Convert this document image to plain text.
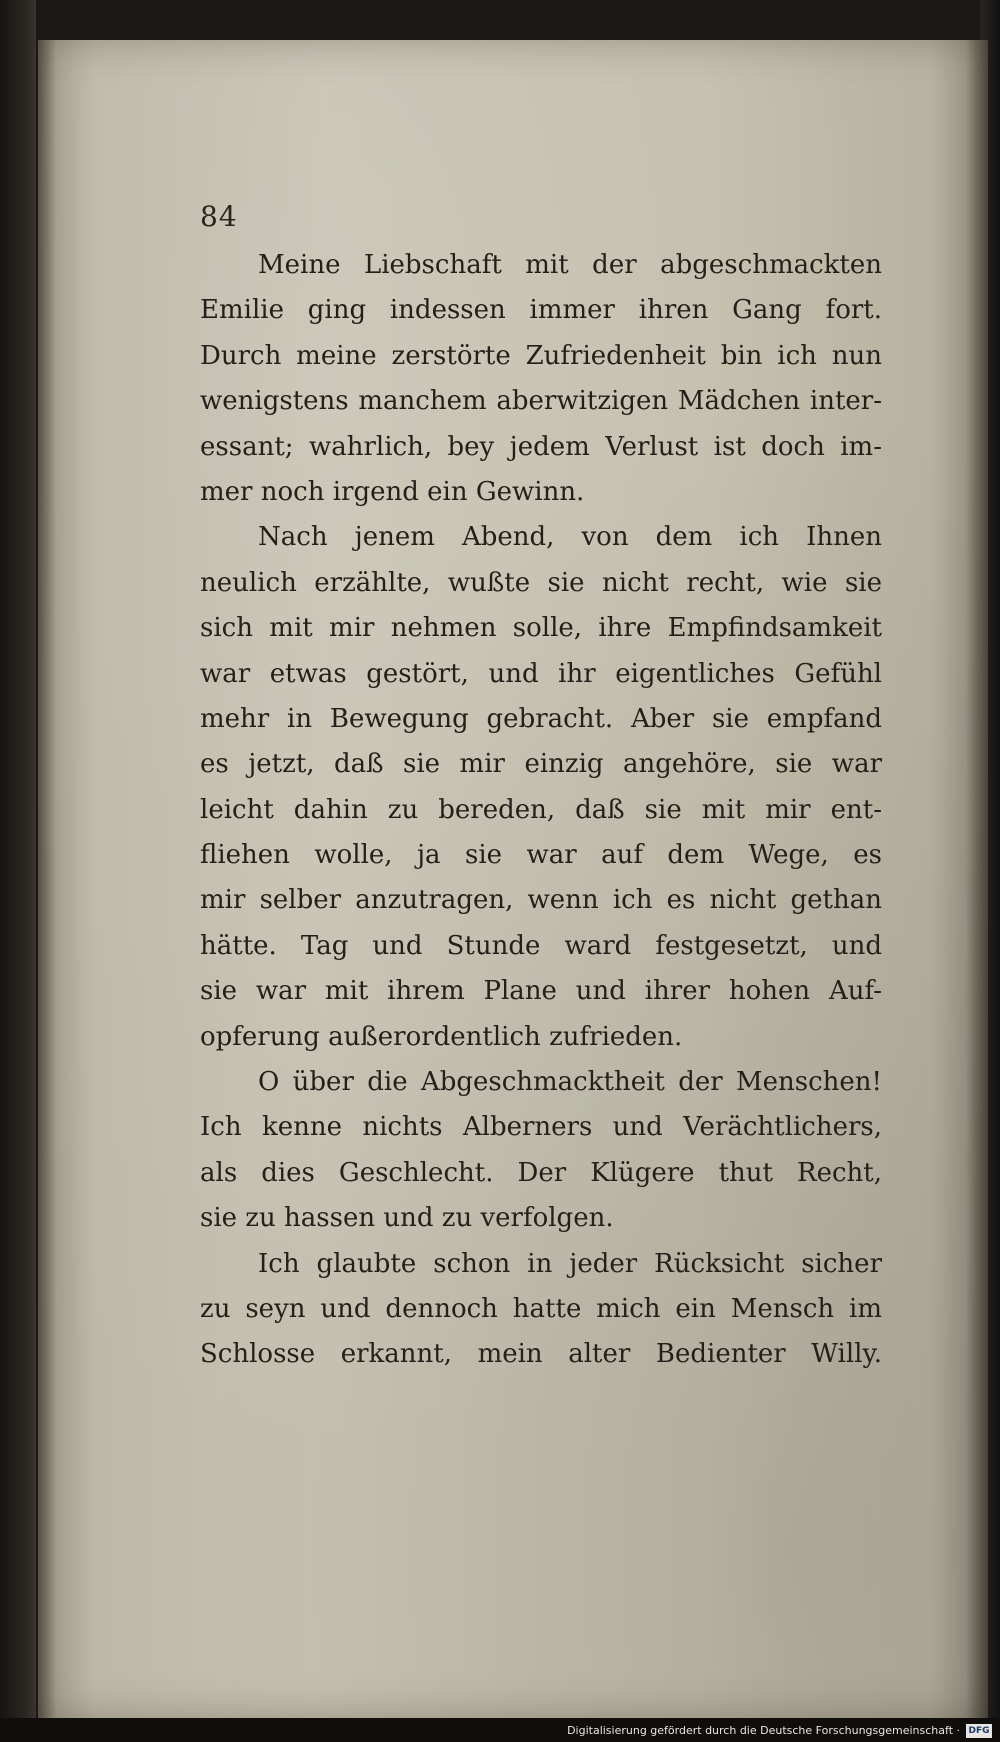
84
Meine Liebschaft mit der abgeschmackten
Emilie ging indessen immer ihren Gang fort.
Durch meine zerstörte Zufriedenheit bin ich nun
wenigstens manchem aberwitzigen Mädchen inter-
essant; wahrlich, bey jedem Verlust ist doch im-
mer noch irgend ein Gewinn.
Nach jenem Abend, von dem ich Ihnen
neulich erzählte, wußte sie nicht recht, wie sie
sich mit mir nehmen solle, ihre Empfindsamkeit
war etwas gestört, und ihr eigentliches Gefühl
mehr in Bewegung gebracht. Aber sie empfand
es jetzt, daß sie mir einzig angehöre, sie war
leicht dahin zu bereden, daß sie mit mir ent-
fliehen wolle, ja sie war auf dem Wege, es
mir selber anzutragen, wenn ich es nicht gethan
hätte. Tag und Stunde ward festgesetzt, und
sie war mit ihrem Plane und ihrer hohen Auf-
opferung außerordentlich zufrieden.
O über die Abgeschmacktheit der Menschen!
Ich kenne nichts Alberners und Verächtlichers,
als dies Geschlecht. Der Klügere thut Recht,
sie zu hassen und zu verfolgen.
Ich glaubte schon in jeder Rücksicht sicher
zu seyn und dennoch hatte mich ein Mensch im
Schlosse erkannt, mein alter Bedienter Willy.
Digitalisierung gefördert durch die Deutsche Forschungsgemeinschaft · DFG
